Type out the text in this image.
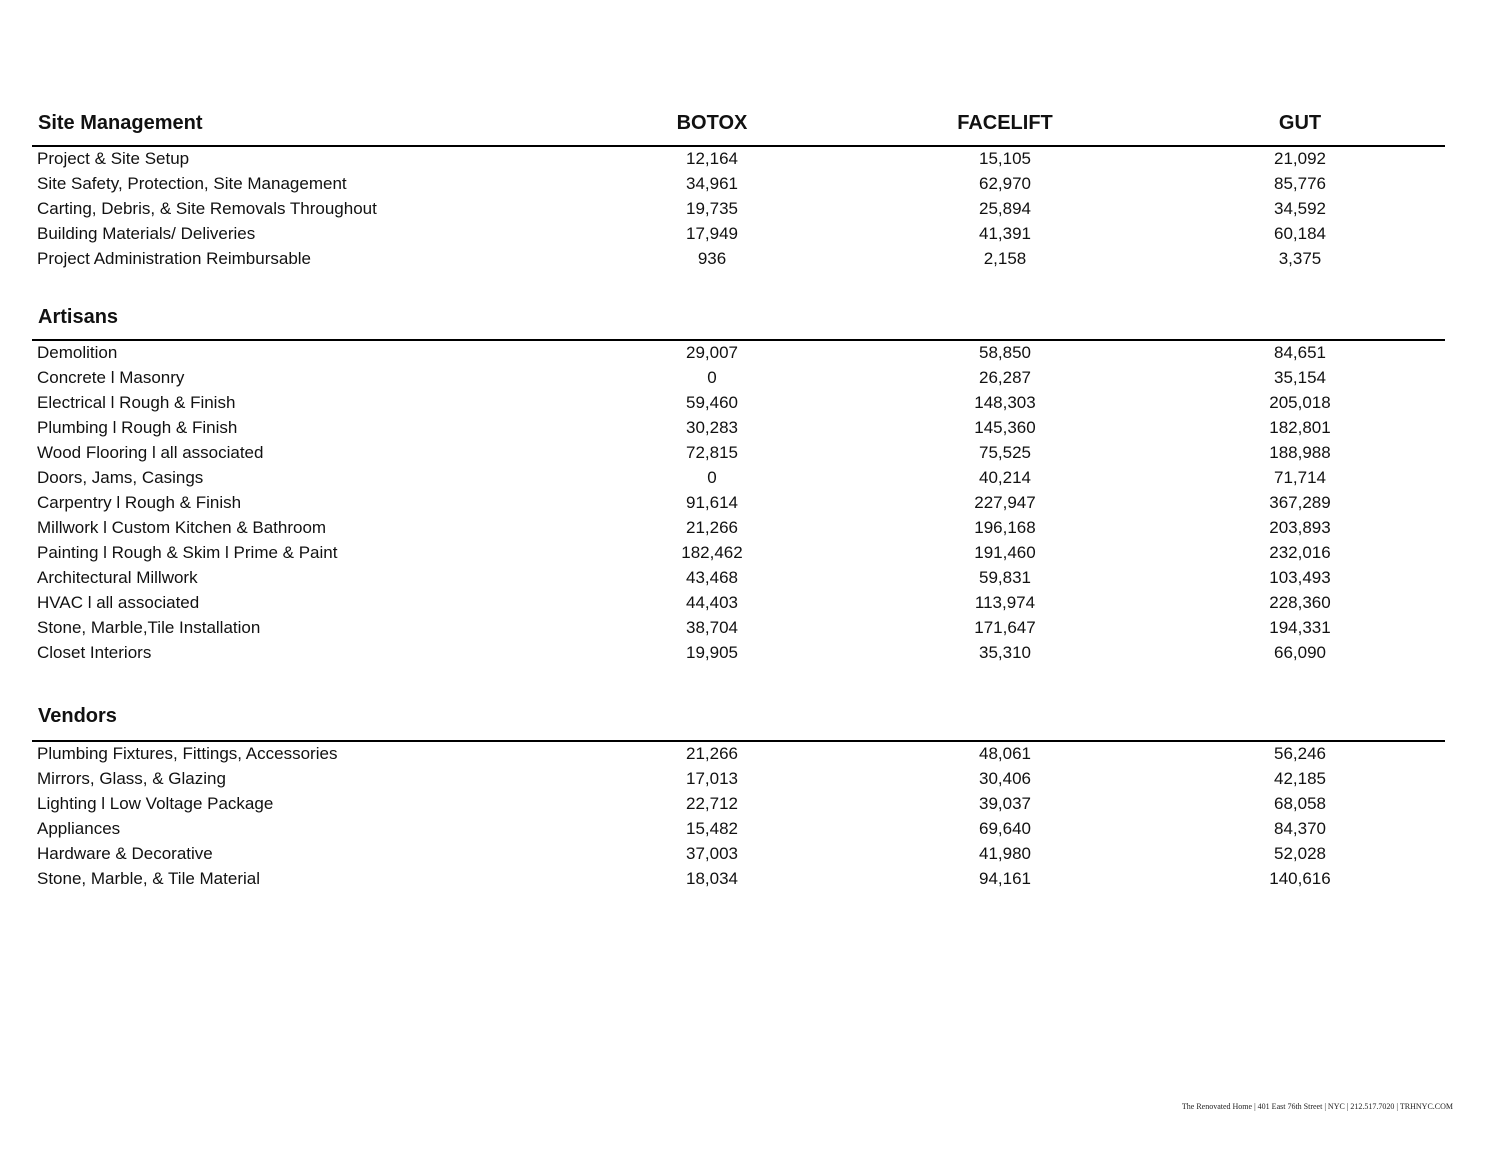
Site Management	BOTOX	FACELIFT	GUT
Project & Site Setup	12,164	15,105	21,092
Site Safety, Protection, Site Management	34,961	62,970	85,776
Carting, Debris, & Site Removals Throughout	19,735	25,894	34,592
Building Materials/ Deliveries	17,949	41,391	60,184
Project Administration Reimbursable	936	2,158	3,375
Artisans
Demolition	29,007	58,850	84,651
Concrete l Masonry	0	26,287	35,154
Electrical l Rough & Finish	59,460	148,303	205,018
Plumbing l Rough & Finish	30,283	145,360	182,801
Wood Flooring l all associated	72,815	75,525	188,988
Doors, Jams, Casings	0	40,214	71,714
Carpentry l Rough & Finish	91,614	227,947	367,289
Millwork l Custom Kitchen & Bathroom	21,266	196,168	203,893
Painting l Rough & Skim l Prime & Paint	182,462	191,460	232,016
Architectural Millwork	43,468	59,831	103,493
HVAC l all associated	44,403	113,974	228,360
Stone, Marble,Tile Installation	38,704	171,647	194,331
Closet Interiors	19,905	35,310	66,090
Vendors
Plumbing Fixtures, Fittings, Accessories	21,266	48,061	56,246
Mirrors, Glass, & Glazing	17,013	30,406	42,185
Lighting l Low Voltage Package	22,712	39,037	68,058
Appliances	15,482	69,640	84,370
Hardware & Decorative	37,003	41,980	52,028
Stone, Marble, & Tile Material	18,034	94,161	140,616
The Renovated Home | 401 East 76th Street | NYC | 212.517.7020 | TRHNYC.COM
